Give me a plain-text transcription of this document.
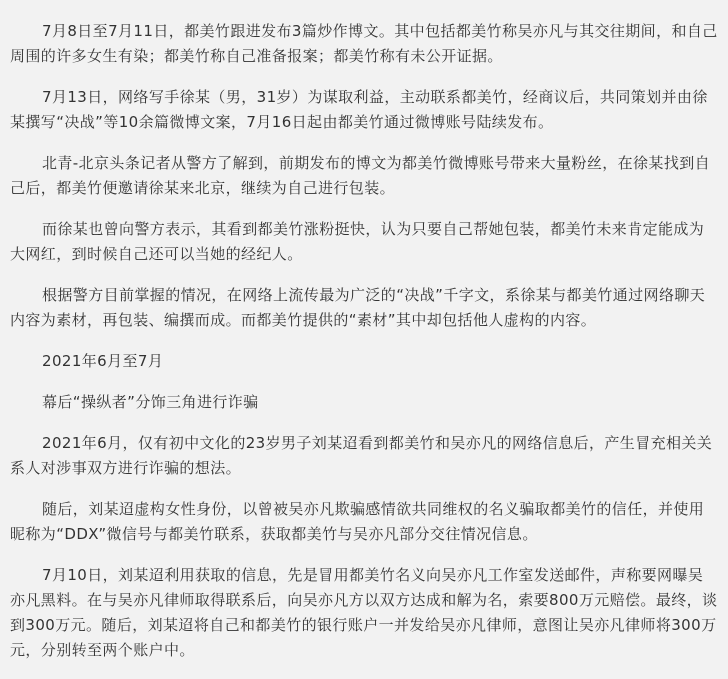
7月8日至7月11日，都美竹跟进发布3篇炒作博文。其中包括都美竹称吴亦凡与其交往期间，和自己周围的许多女生有染；都美竹称自己准备报案；都美竹称有未公开证据。

7月13日，网络写手徐某（男，31岁）为谋取利益，主动联系都美竹，经商议后，共同策划并由徐某撰写“决战”等10余篇微博文案，7月16日起由都美竹通过微博账号陆续发布。

北青-北京头条记者从警方了解到，前期发布的博文为都美竹微博账号带来大量粉丝，在徐某找到自己后，都美竹便邀请徐某来北京，继续为自己进行包装。

而徐某也曾向警方表示，其看到都美竹涨粉挺快，认为只要自己帮她包装，都美竹未来肯定能成为大网红，到时候自己还可以当她的经纪人。

根据警方目前掌握的情况，在网络上流传最为广泛的“决战”千字文，系徐某与都美竹通过网络聊天内容为素材，再包装、编撰而成。而都美竹提供的“素材”其中却包括他人虚构的内容。

2021年6月至7月

幕后“操纵者”分饰三角进行诈骗

2021年6月，仅有初中文化的23岁男子刘某迢看到都美竹和吴亦凡的网络信息后，产生冒充相关关系人对涉事双方进行诈骗的想法。

随后，刘某迢虚构女性身份，以曾被吴亦凡欺骗感情欲共同维权的名义骗取都美竹的信任，并使用昵称为“DDX”微信号与都美竹联系，获取都美竹与吴亦凡部分交往情况信息。

7月10日，刘某迢利用获取的信息，先是冒用都美竹名义向吴亦凡工作室发送邮件，声称要网曝吴亦凡黑料。在与吴亦凡律师取得联系后，向吴亦凡方以双方达成和解为名，索要800万元赔偿。最终，谈到300万元。随后，刘某迢将自己和都美竹的银行账户一并发给吴亦凡律师，意图让吴亦凡律师将300万元，分别转至两个账户中。
